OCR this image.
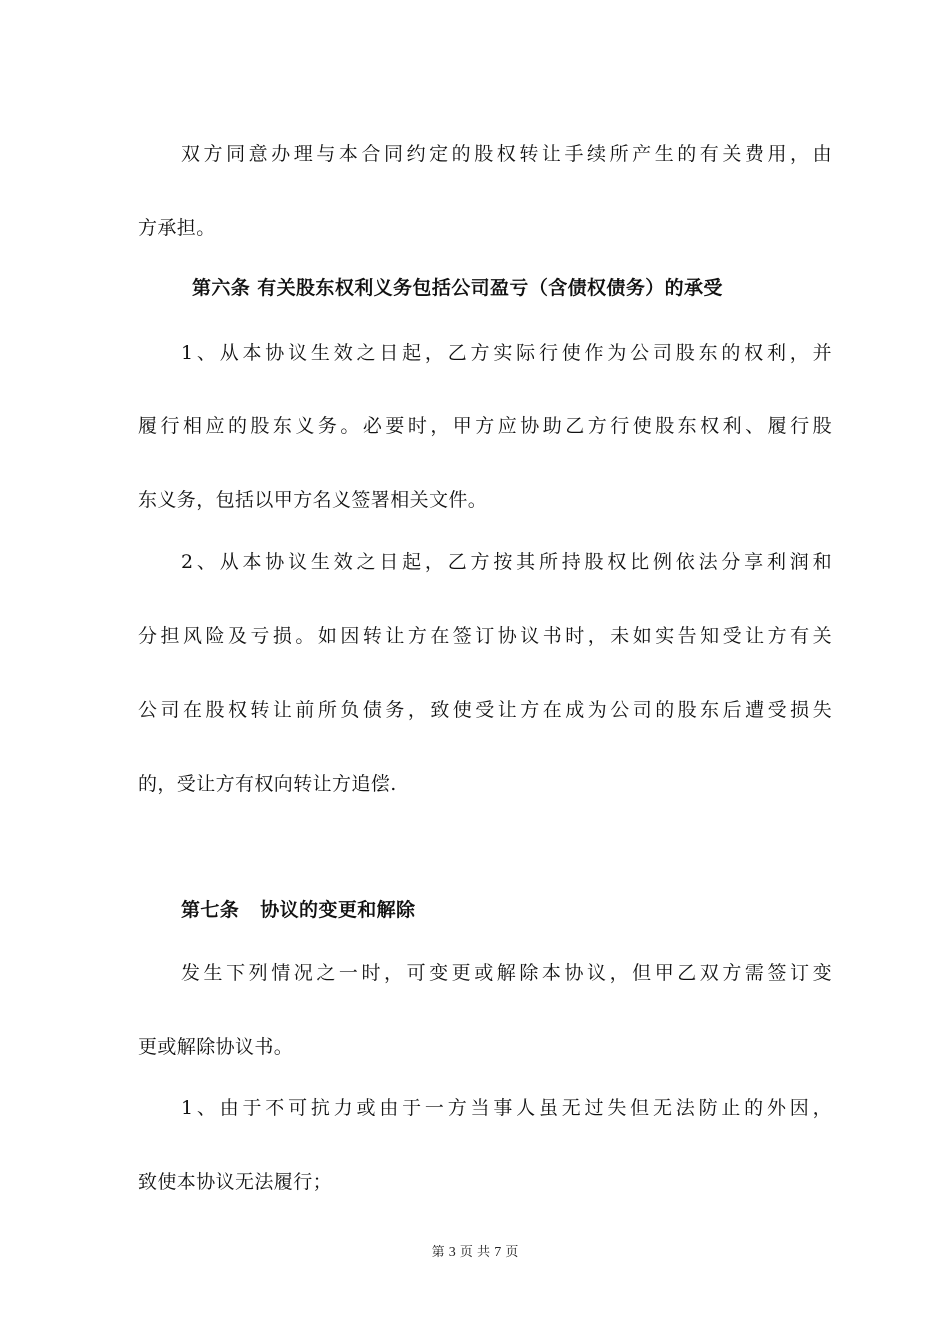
双方同意办理与本合同约定的股权转让手续所产生的有关费用，由
方承担。
第六条 有关股东权利义务包括公司盈亏（含债权债务）的承受
1、从本协议生效之日起，乙方实际行使作为公司股东的权利，并
履行相应的股东义务。必要时，甲方应协助乙方行使股东权利、履行股
东义务，包括以甲方名义签署相关文件。
2、从本协议生效之日起，乙方按其所持股权比例依法分享利润和
分担风险及亏损。如因转让方在签订协议书时，未如实告知受让方有关
公司在股权转让前所负债务，致使受让方在成为公司的股东后遭受损失
的，受让方有权向转让方追偿.
第七条   协议的变更和解除
发生下列情况之一时，可变更或解除本协议，但甲乙双方需签订变
更或解除协议书。
1、由于不可抗力或由于一方当事人虽无过失但无法防止的外因，
致使本协议无法履行；
第 3 页 共 7 页
